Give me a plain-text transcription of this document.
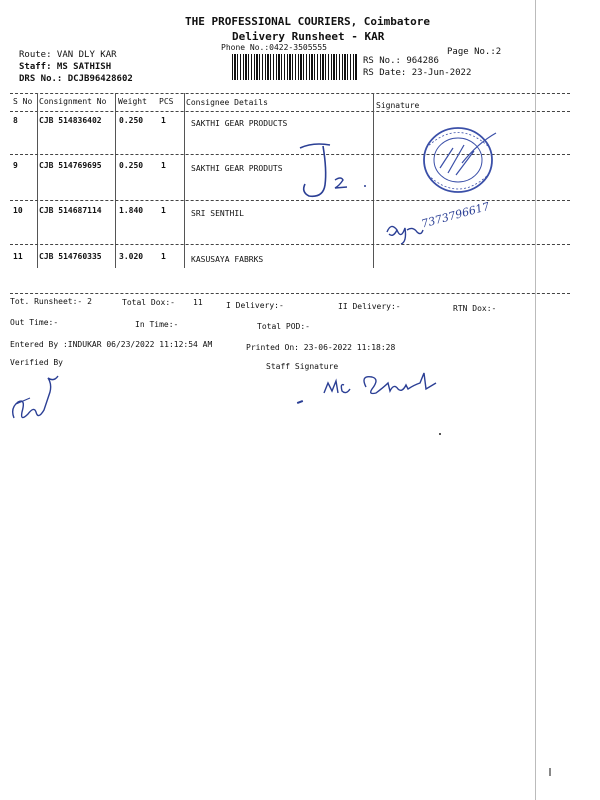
THE PROFESSIONAL COURIERS, Coimbatore
Delivery Runsheet - KAR
Phone No.:0422-3505555	Page No.:2
Route: VAN DLY KAR
Staff: MS SATHISH
DRS No.: DCJB96428602
RS No.: 964286
RS Date: 23-Jun-2022
S No Consignment No Weight PCS Consignee Details	Signature
8	CJB 514836402 0.250 1	SAKTHI GEAR PRODUCTS
9	CJB 514769695 0.250 1	SAKTHI GEAR PRODUTS
10 CJB 514687114 1.840 1	SRI SENTHIL
11 CJB 514760335 3.020 1	KASUSAYA FABRKS
7373796617
Tot. Runsheet:- 2	Total Dox:- 11	I Delivery:-	II Delivery:-	RTN Dox:-
Out Time:-	In Time:-	Total POD:-
Entered By :INDUKAR 06/23/2022 11:12:54 AM	Printed On: 23-06-2022 11:18:28
Verified By	Staff Signature
